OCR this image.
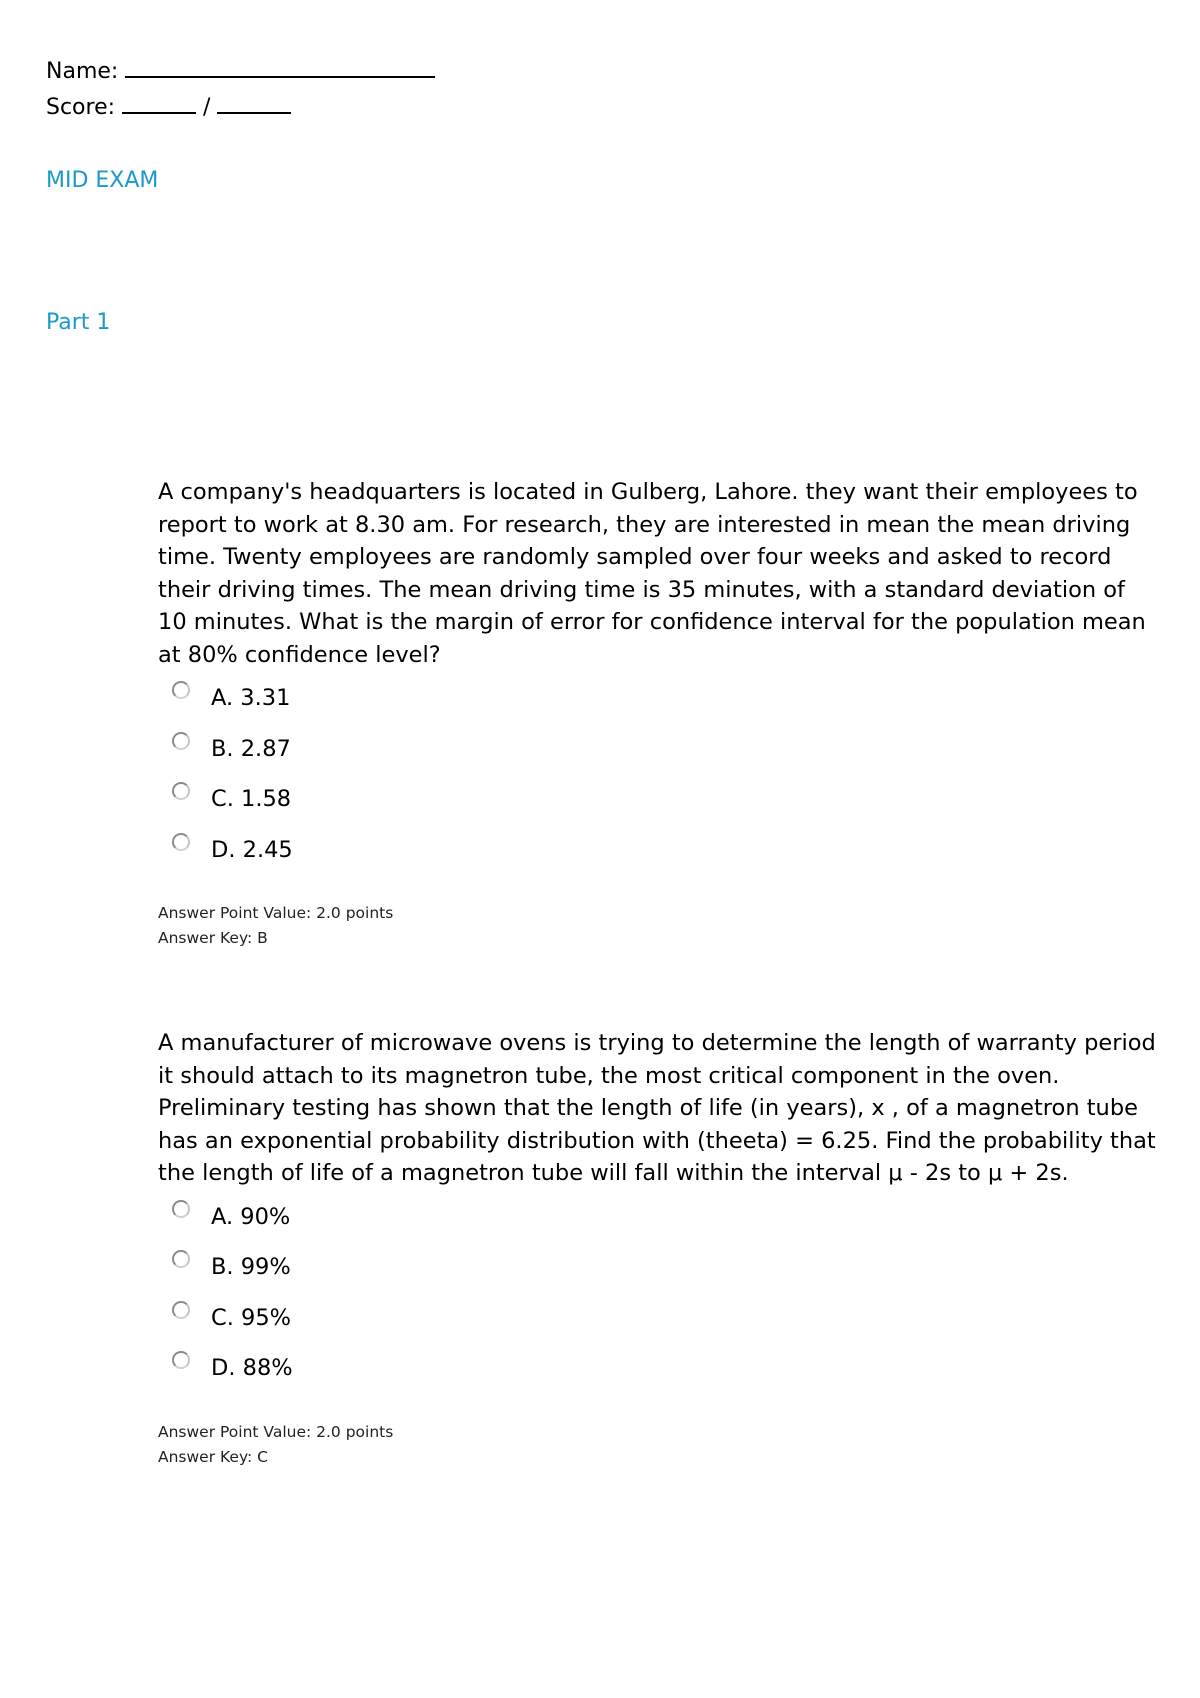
Name:
Score:	/
MID EXAM
Part 1

A company's headquarters is located in Gulberg, Lahore. they want their employees to report to work at 8.30 am. For research, they are interested in mean the mean driving time. Twenty employees are randomly sampled over four weeks and asked to record their driving times. The mean driving time is 35 minutes, with a standard deviation of 10 minutes. What is the margin of error for confidence interval for the population mean at 80% confidence level?

A. 3.31
B. 2.87
C. 1.58
D. 2.45
Answer Point Value: 2.0 points
Answer Key: B

A manufacturer of microwave ovens is trying to determine the length of warranty period it should attach to its magnetron tube, the most critical component in the oven. Preliminary testing has shown that the length of life (in years), x , of a magnetron tube has an exponential probability distribution with (theeta) = 6.25. Find the probability that the length of life of a magnetron tube will fall within the interval μ - 2s to μ + 2s.

A. 90%
B. 99%
C. 95%
D. 88%
Answer Point Value: 2.0 points
Answer Key: C
